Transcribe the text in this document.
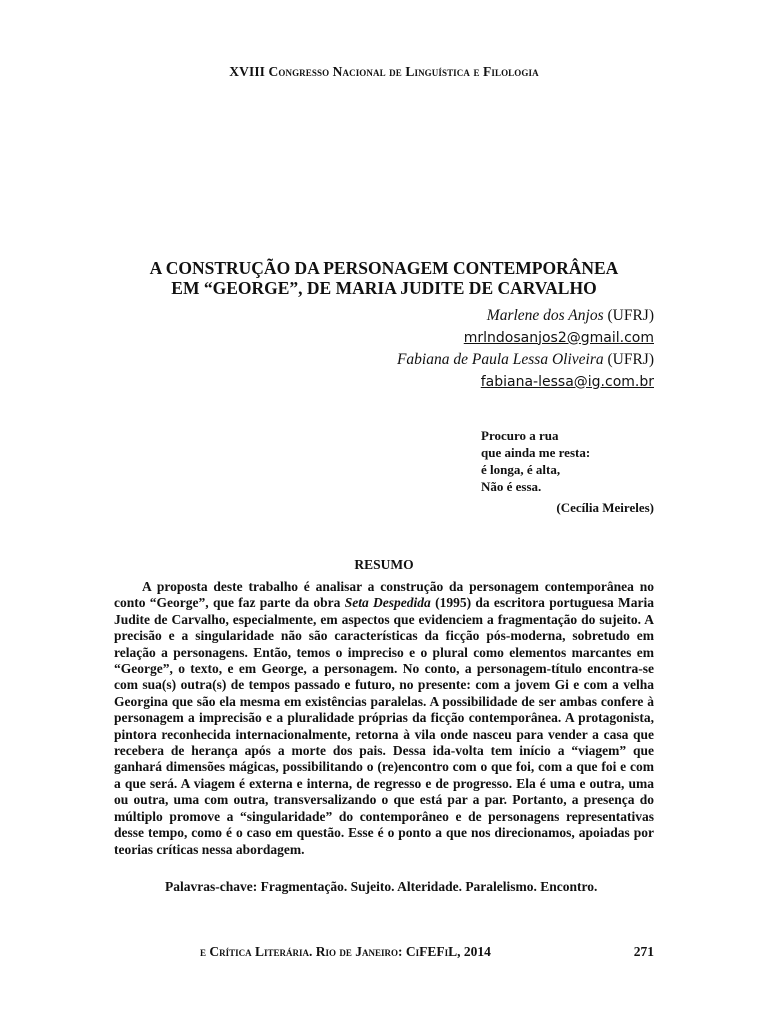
XVIII Congresso Nacional de Linguística e Filologia
A CONSTRUÇÃO DA PERSONAGEM CONTEMPORÂNEA
EM “GEORGE”, DE MARIA JUDITE DE CARVALHO
Marlene dos Anjos (UFRJ)
mrlndosanjos2@gmail.com
Fabiana de Paula Lessa Oliveira (UFRJ)
fabiana-lessa@ig.com.br
Procuro a rua
que ainda me resta:
é longa, é alta,
Não é essa.
(Cecília Meireles)
RESUMO

A proposta deste trabalho é analisar a construção da personagem contemporânea no conto “George”, que faz parte da obra Seta Despedida (1995) da escritora portuguesa Maria Judite de Carvalho, especialmente, em aspectos que evidenciem a fragmentação do sujeito. A precisão e a singularidade não são características da ficção pós-moderna, sobretudo em relação a personagens. Então, temos o impreciso e o plural como elementos marcantes em “George”, o texto, e em George, a personagem. No conto, a personagem-título encontra-se com sua(s) outra(s) de tempos passado e futuro, no presente: com a jovem Gi e com a velha Georgina que são ela mesma em existências paralelas. A possibilidade de ser ambas confere à personagem a imprecisão e a pluralidade próprias da ficção contemporânea. A protagonista, pintora reconhecida internacionalmente, retorna à vila onde nasceu para vender a casa que recebera de herança após a morte dos pais. Dessa ida-volta tem início a “viagem” que ganhará dimensões mágicas, possibilitando o (re)encontro com o que foi, com a que foi e com a que será. A viagem é externa e interna, de regresso e de progresso. Ela é uma e outra, uma ou outra, uma com outra, transversalizando o que está par a par. Portanto, a presença do múltiplo promove a “singularidade” do contemporâneo e de personagens representativas desse tempo, como é o caso em questão. Esse é o ponto a que nos direcionamos, apoiadas por teorias críticas nessa abordagem.

Palavras-chave: Fragmentação. Sujeito. Alteridade. Paralelismo. Encontro.
e Crítica Literária. Rio de Janeiro: CiFEFiL, 2014	271
